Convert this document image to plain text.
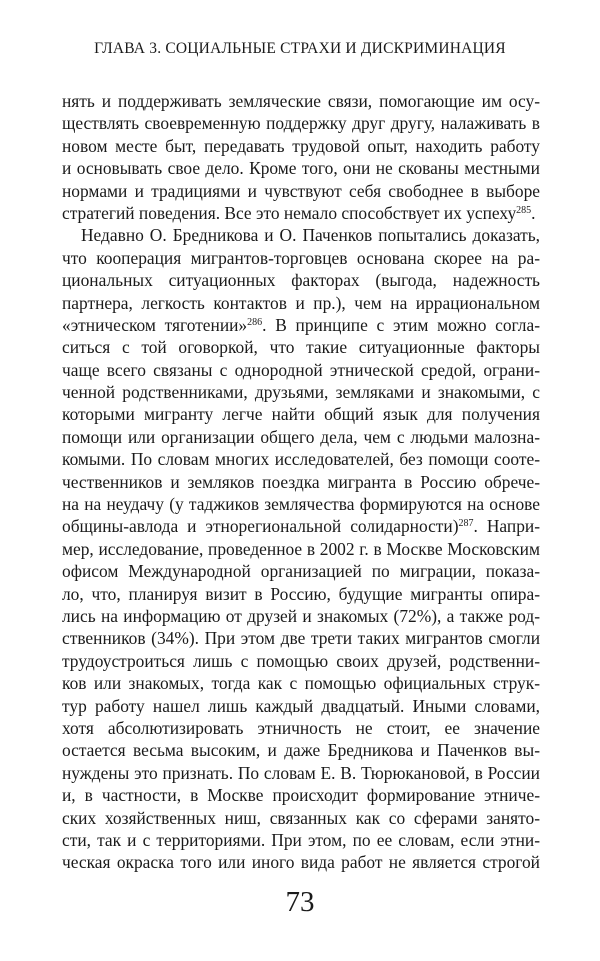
ГЛАВА 3. СОЦИАЛЬНЫЕ СТРАХИ И ДИСКРИМИНАЦИЯ
нять и поддерживать земляческие связи, помогающие им осу-
ществлять своевременную поддержку друг другу, налаживать в
новом месте быт, передавать трудовой опыт, находить работу
и основывать свое дело. Кроме того, они не скованы местными
нормами и традициями и чувствуют себя свободнее в выборе
стратегий поведения. Все это немало способствует их успеху$^{285}$.
Недавно О. Бредникова и О. Паченков попытались доказать,
что кооперация мигрантов-торговцев основана скорее на ра-
циональных ситуационных факторах (выгода, надежность
партнера, легкость контактов и пр.), чем на иррациональном
«этническом тяготении»$^{286}$. В принципе с этим можно согла-
ситься с той оговоркой, что такие ситуационные факторы
чаще всего связаны с однородной этнической средой, ограни-
ченной родственниками, друзьями, земляками и знакомыми, с
которыми мигранту легче найти общий язык для получения
помощи или организации общего дела, чем с людьми малозна-
комыми. По словам многих исследователей, без помощи сооте-
чественников и земляков поездка мигранта в Россию обрече-
на на неудачу (у таджиков землячества формируются на основе
общины-авлода и этнорегиональной солидарности)$^{287}$. Напри-
мер, исследование, проведенное в 2002 г. в Москве Московским
офисом Международной организацией по миграции, показа-
ло, что, планируя визит в Россию, будущие мигранты опира-
лись на информацию от друзей и знакомых (72%), а также род-
ственников (34%). При этом две трети таких мигрантов смогли
трудоустроиться лишь с помощью своих друзей, родственни-
ков или знакомых, тогда как с помощью официальных струк-
тур работу нашел лишь каждый двадцатый. Иными словами,
хотя абсолютизировать этничность не стоит, ее значение
остается весьма высоким, и даже Бредникова и Паченков вы-
нуждены это признать. По словам Е. В. Тюрюкановой, в России
и, в частности, в Москве происходит формирование этниче-
ских хозяйственных ниш, связанных как со сферами занято-
сти, так и с территориями. При этом, по ее словам, если этни-
ческая окраска того или иного вида работ не является строгой
73
